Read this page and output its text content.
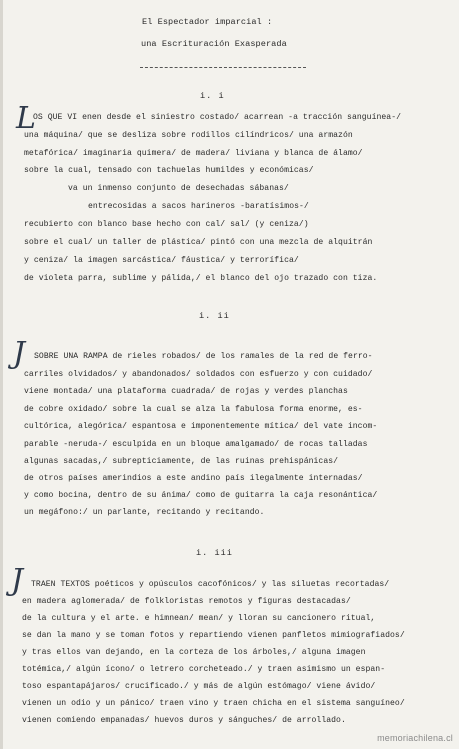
El Espectador imparcial :
una Escrituración Exasperada
i. i
L
OS QUE VI enen desde el siniestro costado/ acarrean -a tracción sanguínea-/
una máquina/ que se desliza sobre rodillos cilíndricos/ una armazón
metafórica/ imaginaria quimera/ de madera/ liviana y blanca de álamo/
sobre la cual, tensado con tachuelas humildes y económicas/
va un inmenso conjunto de desechadas sábanas/
entrecosidas a sacos harineros -baratísimos-/
recubierto con blanco base hecho con cal/ sal/ (y ceniza/)
sobre el cual/ un taller de plástica/ pintó con una mezcla de alquitrán
y ceniza/ la imagen sarcástica/ fáustica/ y terrorífica/
de violeta parra, sublime y pálida,/ el blanco del ojo trazado con tiza.
i. ii
J SOBRE UNA RAMPA de rieles robados/ de los ramales de la red de ferro-
carriles olvidados/ y abandonados/ soldados con esfuerzo y con cuidado/
viene montada/ una plataforma cuadrada/ de rojas y verdes planchas
de cobre oxidado/ sobre la cual se alza la fabulosa forma enorme, es-
cultórica, alegórica/ espantosa e imponentemente mítica/ del vate incom-
parable -neruda-/ esculpida en un bloque amalgamado/ de rocas talladas
algunas sacadas,/ subrepticiamente, de las ruinas prehispánicas/
de otros países amerindios a este andino país ilegalmente internadas/
y como bocina, dentro de su ánima/ como de guitarra la caja resonántica/
un megáfono:/ un parlante, recitando y recitando.
i. iii
J TRAEN TEXTOS poéticos y opúsculos cacofónicos/ y las siluetas recortadas/
en madera aglomerada/ de folkloristas remotos y figuras destacadas/
de la cultura y el arte. e himnean/ mean/ y lloran su cancionero ritual,
se dan la mano y se toman fotos y repartiendo vienen panfletos mimiografiados/
y tras ellos van dejando, en la corteza de los árboles,/ alguna imagen
totémica,/ algún ícono/ o letrero corcheteado./ y traen asimismo un espan-
toso espantapájaros/ crucificado./ y más de algún estómago/ viene ávido/
vienen un odio y un pánico/ traen vino y traen chicha en el sistema sanguíneo/
vienen comiendo empanadas/ huevos duros y sánguches/ de arrollado.
memoriachilena.cl
